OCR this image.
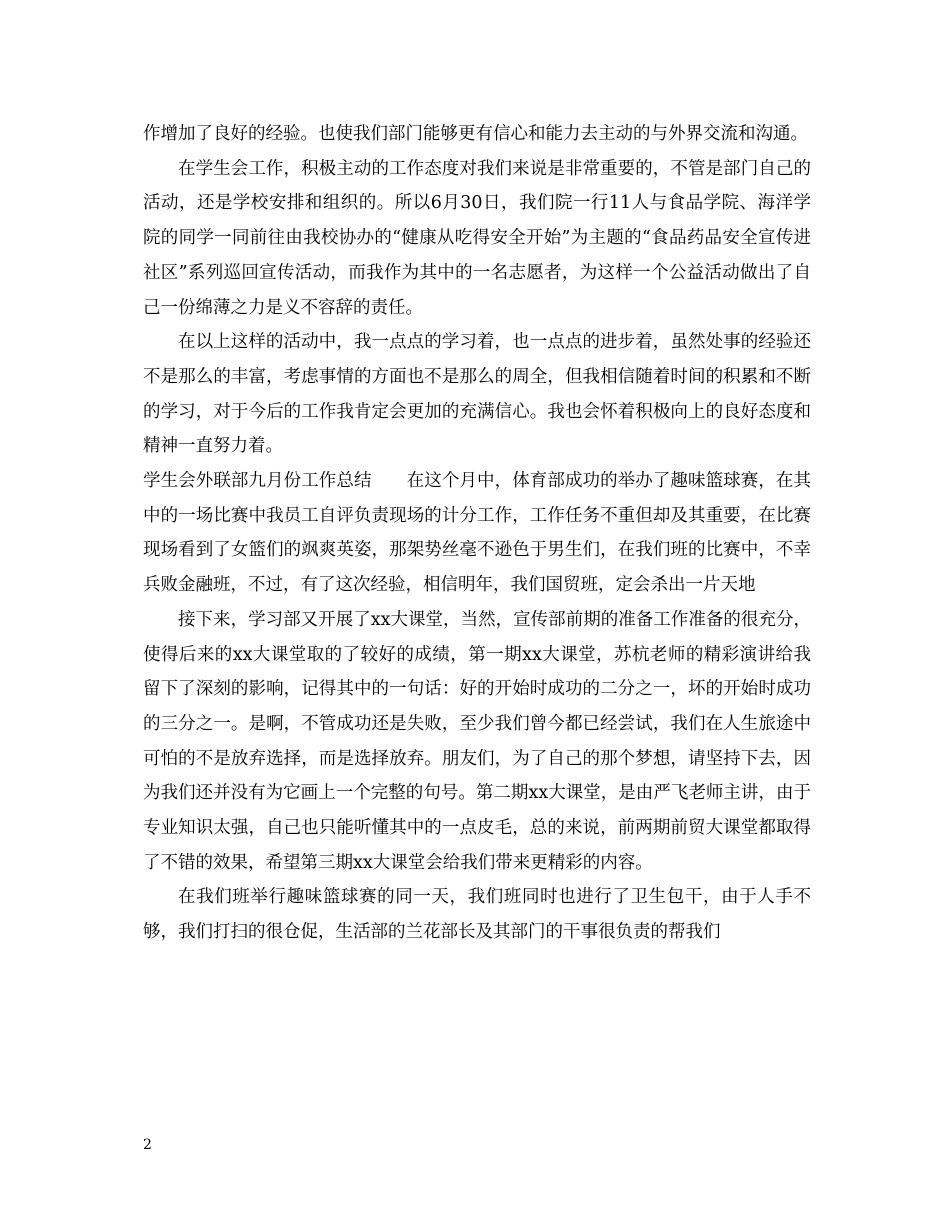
作增加了良好的经验。也使我们部门能够更有信心和能力去主动的与外界交流和沟通。

在学生会工作，积极主动的工作态度对我们来说是非常重要的，不管是部门自己的活动，还是学校安排和组织的。所以6月30日，我们院一行11人与食品学院、海洋学院的同学一同前往由我校协办的“健康从吃得安全开始”为主题的“食品药品安全宣传进社区”系列巡回宣传活动，而我作为其中的一名志愿者，为这样一个公益活动做出了自己一份绵薄之力是义不容辞的责任。

在以上这样的活动中，我一点点的学习着，也一点点的进步着，虽然处事的经验还不是那么的丰富，考虑事情的方面也不是那么的周全，但我相信随着时间的积累和不断的学习，对于今后的工作我肯定会更加的充满信心。我也会怀着积极向上的良好态度和精神一直努力着。

学生会外联部九月份工作总结　　在这个月中，体育部成功的举办了趣味篮球赛，在其中的一场比赛中我员工自评负责现场的计分工作，工作任务不重但却及其重要，在比赛现场看到了女篮们的飒爽英姿，那架势丝毫不逊色于男生们，在我们班的比赛中，不幸兵败金融班，不过，有了这次经验，相信明年，我们国贸班，定会杀出一片天地

接下来，学习部又开展了xx大课堂，当然，宣传部前期的准备工作准备的很充分，使得后来的xx大课堂取的了较好的成绩，第一期xx大课堂，苏杭老师的精彩演讲给我留下了深刻的影响，记得其中的一句话：好的开始时成功的二分之一，坏的开始时成功的三分之一。是啊，不管成功还是失败，至少我们曾今都已经尝试，我们在人生旅途中可怕的不是放弃选择，而是选择放弃。朋友们，为了自己的那个梦想，请坚持下去，因为我们还并没有为它画上一个完整的句号。第二期xx大课堂，是由严飞老师主讲，由于专业知识太强，自己也只能听懂其中的一点皮毛，总的来说，前两期前贸大课堂都取得了不错的效果，希望第三期xx大课堂会给我们带来更精彩的内容。

在我们班举行趣味篮球赛的同一天，我们班同时也进行了卫生包干，由于人手不够，我们打扫的很仓促，生活部的兰花部长及其部门的干事很负责的帮我们

2
